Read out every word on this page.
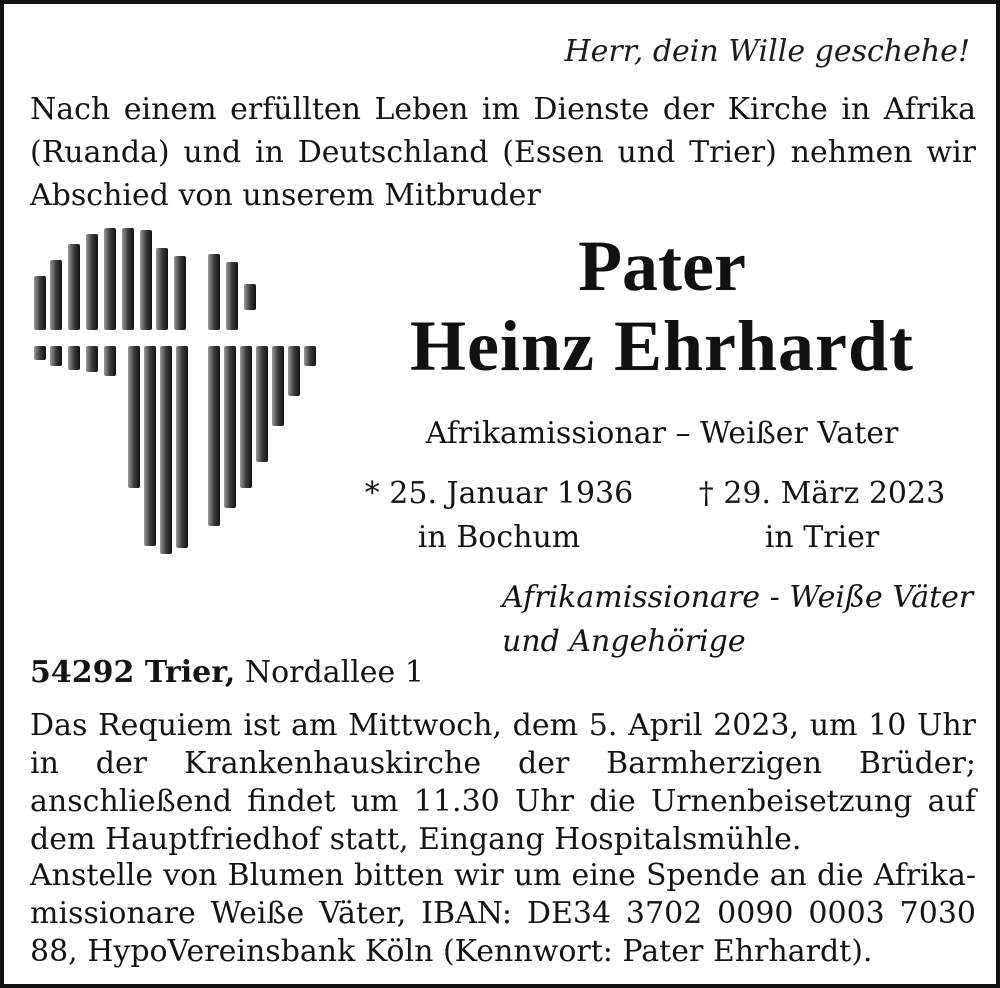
Herr, dein Wille geschehe!
Nach einem erfüllten Leben im Dienste der Kirche in Afrika (Ruanda) und in Deutschland (Essen und Trier) nehmen wir Abschied von unserem Mitbruder
Pater
Heinz Ehrhardt
Afrikamissionar – Weißer Vater
* 25. Januar 1936
in Bochum
† 29. März 2023
in Trier
Afrikamissionare - Weiße Väter
und Angehörige
54292 Trier, Nordallee 1
Das Requiem ist am Mittwoch, dem 5. April 2023, um 10 Uhr in der Krankenhauskirche der Barmherzigen Brüder; anschließend findet um 11.30 Uhr die Urnenbeisetzung auf dem Hauptfriedhof statt, Eingang Hospitalsmühle.
Anstelle von Blumen bitten wir um eine Spende an die Afrikamissionare Weiße Väter, IBAN: DE34 3702 0090 0003 7030 88, HypoVereinsbank Köln (Kennwort: Pater Ehrhardt).
